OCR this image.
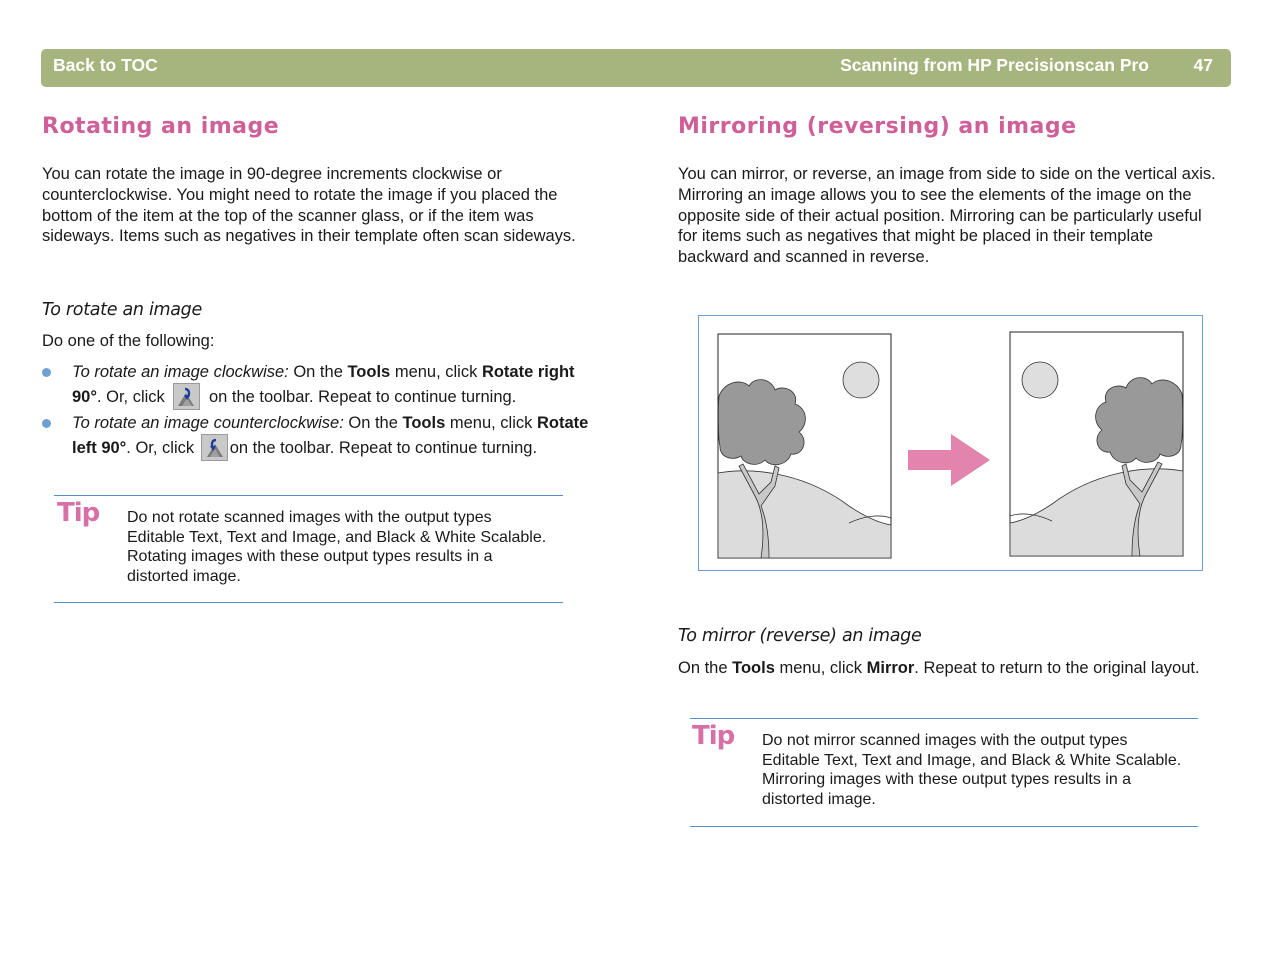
Back to TOC	Scanning from HP Precisionscan Pro	47
Rotating an image

You can rotate the image in 90-degree increments clockwise or counterclockwise. You might need to rotate the image if you placed the bottom of the item at the top of the scanner glass, or if the item was sideways. Items such as negatives in their template often scan sideways.

To rotate an image

Do one of the following:

To rotate an image clockwise: On the Tools menu, click Rotate right 90°. Or, click
on the toolbar. Repeat to continue turning.

To rotate an image counterclockwise: On the Tools menu, click Rotate left 90°. Or, click
on the toolbar. Repeat to continue turning.

Tip Do not rotate scanned images with the output types Editable Text, Text and Image, and Black & White Scalable. Rotating images with these output types results in a distorted image.

Mirroring (reversing) an image

You can mirror, or reverse, an image from side to side on the vertical axis. Mirroring an image allows you to see the elements of the image on the opposite side of their actual position. Mirroring can be particularly useful for items such as negatives that might be placed in their template backward and scanned in reverse.

To mirror (reverse) an image

On the Tools menu, click Mirror. Repeat to return to the original layout.

Tip Do not mirror scanned images with the output types Editable Text, Text and Image, and Black & White Scalable. Mirroring images with these output types results in a distorted image.
